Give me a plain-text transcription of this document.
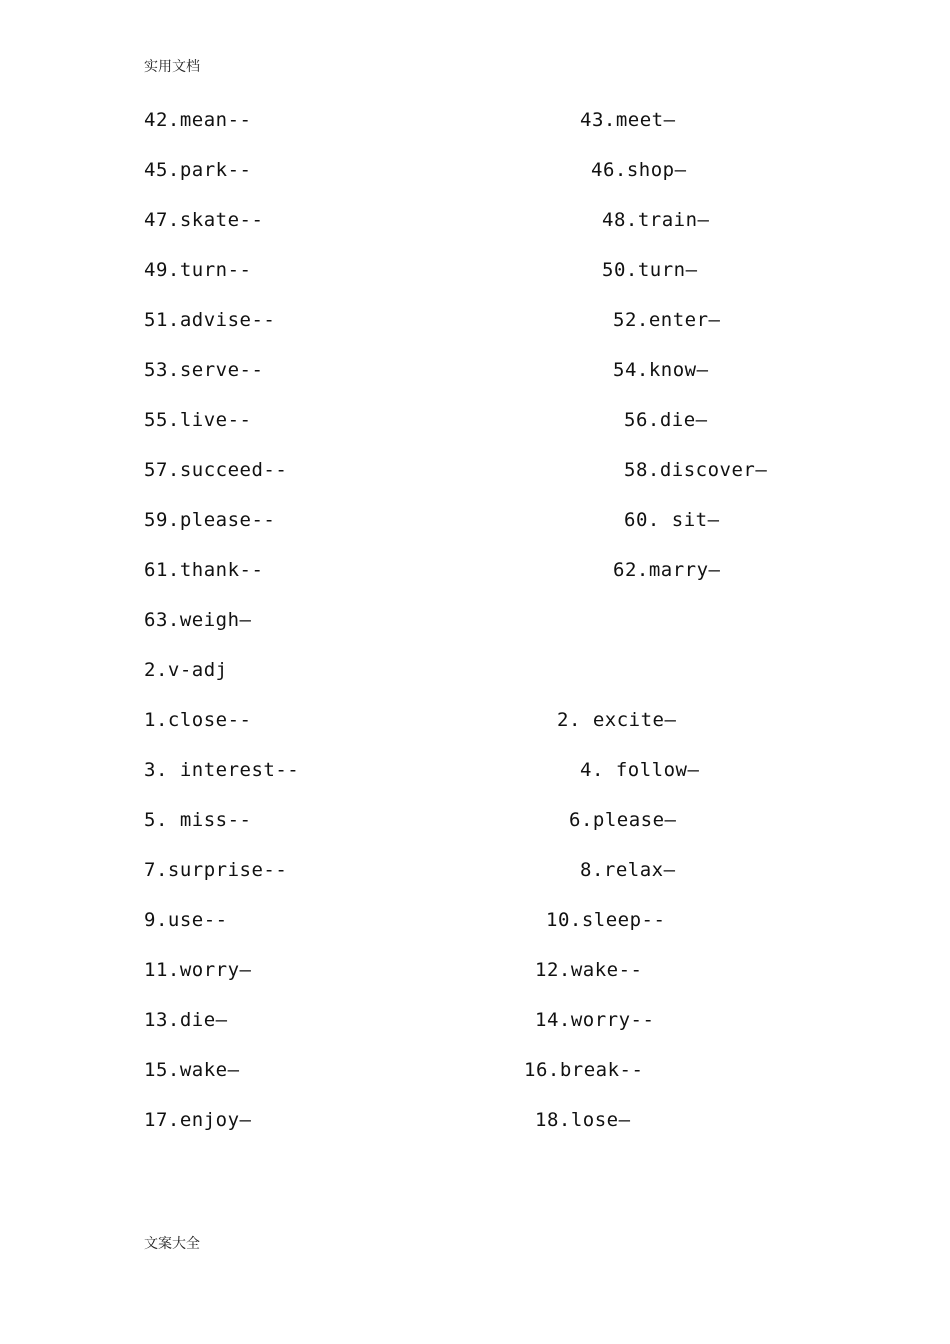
实用文档
42.mean--	43.meet—
45.park--	46.shop—
47.skate--	48.train—
49.turn--	50.turn—
51.advise--	52.enter—
53.serve--	54.know—
55.live--	56.die—
57.succeed--	58.discover—
59.please--	60. sit—
61.thank--	62.marry—
63.weigh—
2.v-adj
1.close--	2. excite—
3. interest--	4. follow—
5. miss--	6.please—
7.surprise--	8.relax—
9.use--	10.sleep--
11.worry—	12.wake--
13.die—	14.worry--
15.wake—	16.break--
17.enjoy—	18.lose—
文案大全
